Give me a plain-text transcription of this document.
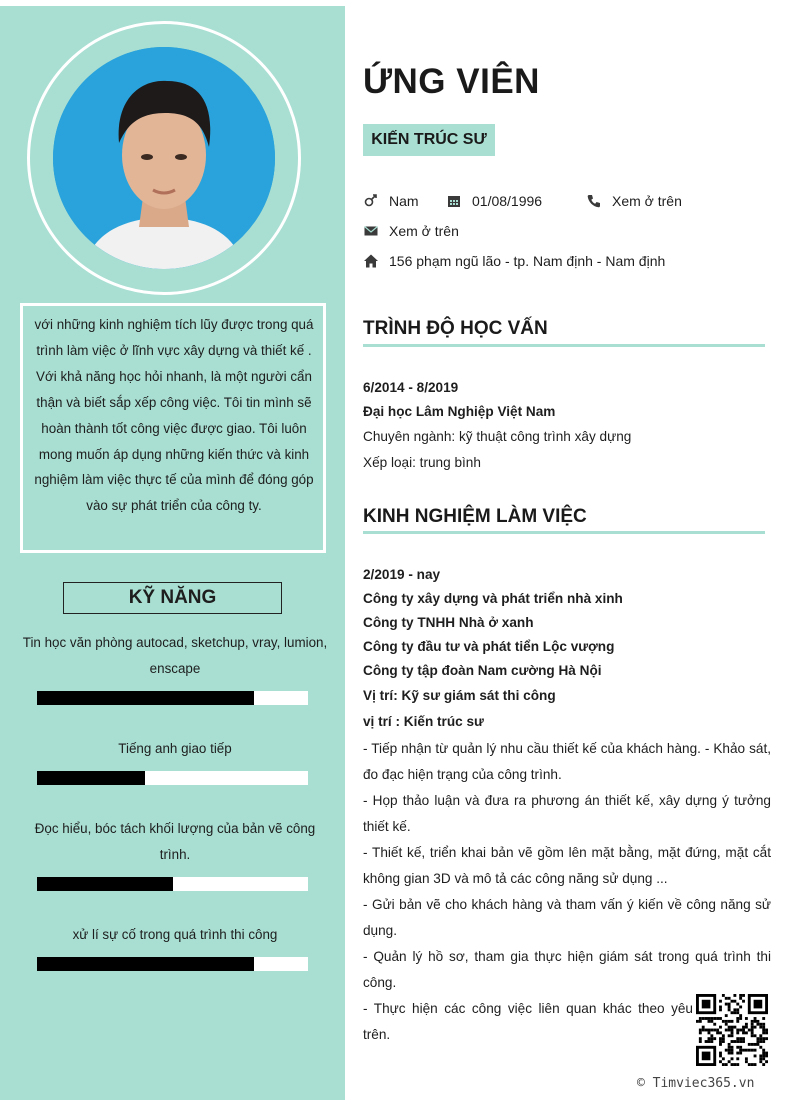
với những kinh nghiệm tích lũy được trong quá trình làm việc ở lĩnh vực xây dựng và thiết kế . Với khả năng học hỏi nhanh, là một người cẩn thận và biết sắp xếp công việc. Tôi tin mình sẽ hoàn thành tốt công việc được giao. Tôi luôn mong muốn áp dụng những kiến thức và kinh nghiệm làm việc thực tế của mình để đóng góp vào sự phát triển của công ty.
KỸ NĂNG
Tin học văn phòng autocad, sketchup, vray, lumion, enscape
Tiếng anh giao tiếp
Đọc hiểu, bóc tách khối lượng của bản vẽ công trình.
xử lí sự cố trong quá trình thi công
ỨNG VIÊN
KIẾN TRÚC SƯ
Nam	01/08/1996	Xem ở trên
Xem ở trên
156 phạm ngũ lão - tp. Nam định - Nam định
TRÌNH ĐỘ HỌC VẤN
6/2014 - 8/2019
Đại học Lâm Nghiệp Việt Nam
Chuyên ngành: kỹ thuật công trình xây dựng
Xếp loại: trung bình
KINH NGHIỆM LÀM VIỆC
2/2019 - nay
Công ty xây dựng và phát triển nhà xinh
Công ty TNHH Nhà ở xanh
Công ty đầu tư và phát tiển Lộc vượng
Công ty tập đoàn Nam cường Hà Nội
Vị trí: Kỹ sư giám sát thi công
vị trí : Kiến trúc sư

- Tiếp nhận từ quản lý nhu cầu thiết kế của khách hàng. - Khảo sát, đo đạc hiện trạng của công trình.

- Họp thảo luận và đưa ra phương án thiết kế, xây dựng ý tưởng thiết kế.

- Thiết kế, triển khai bản vẽ gồm lên mặt bằng, mặt đứng, mặt cắt không gian 3D và mô tả các công năng sử dụng ...

- Gửi bản vẽ cho khách hàng và tham vấn ý kiến về công năng sử dụng.

- Quản lý hồ sơ, tham gia thực hiện giám sát trong quá trình thi công.

- Thực hiện các công việc liên quan khác theo yêu trên.

© Timviec365.vn
